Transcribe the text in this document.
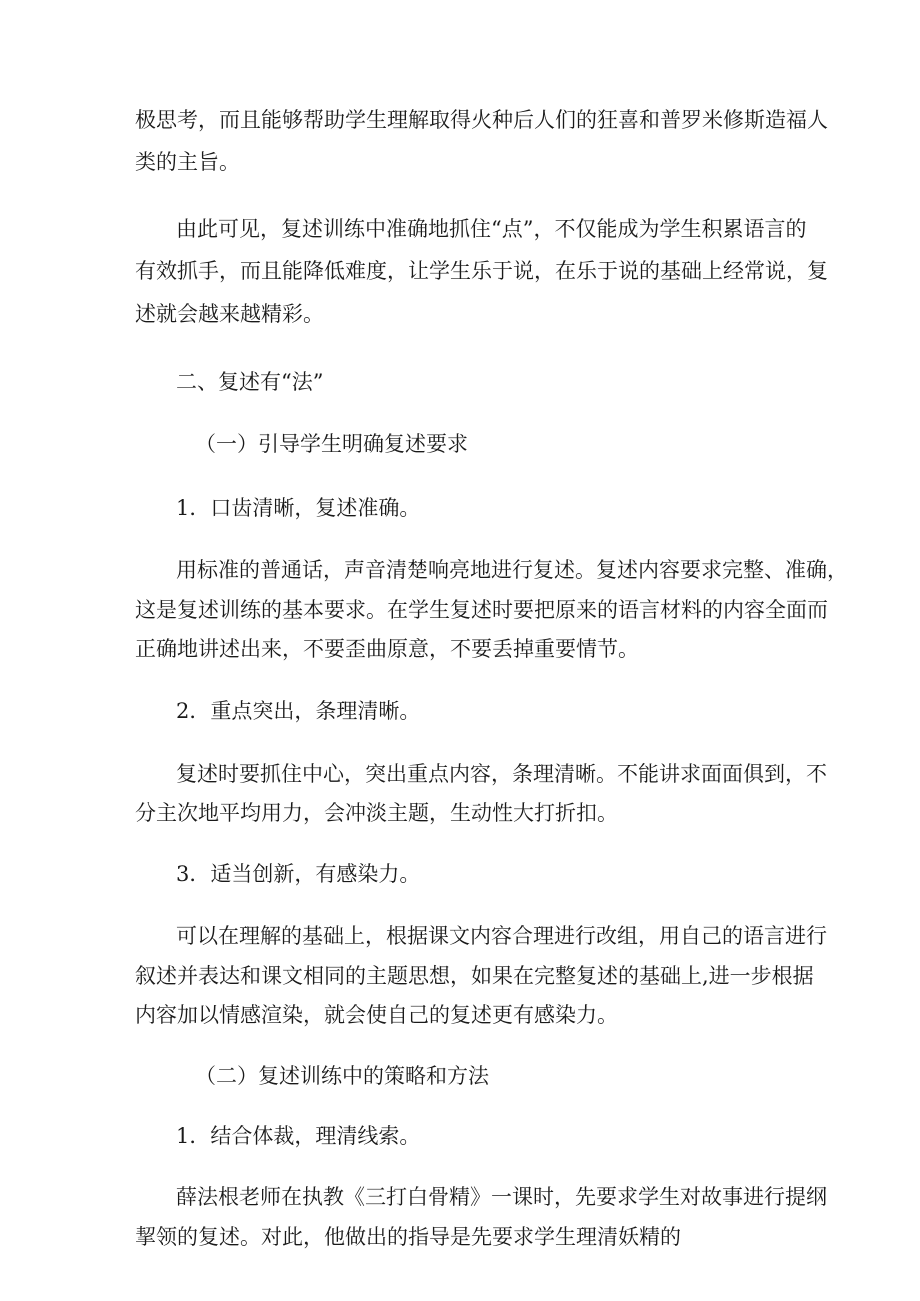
极思考，而且能够帮助学生理解取得火种后人们的狂喜和普罗米修斯造福人

类的主旨。

由此可见，复述训练中准确地抓住“点”，不仅能成为学生积累语言的

有效抓手，而且能降低难度，让学生乐于说，在乐于说的基础上经常说，复

述就会越来越精彩。

二、复述有“法”

（一）引导学生明确复述要求

1．口齿清晰，复述准确。

用标准的普通话，声音清楚响亮地进行复述。复述内容要求完整、准确，

这是复述训练的基本要求。在学生复述时要把原来的语言材料的内容全面而

正确地讲述出来，不要歪曲原意，不要丢掉重要情节。

2．重点突出，条理清晰。

复述时要抓住中心，突出重点内容，条理清晰。不能讲求面面俱到，不

分主次地平均用力，会冲淡主题，生动性大打折扣。

3．适当创新，有感染力。

可以在理解的基础上，根据课文内容合理进行改组，用自己的语言进行

叙述并表达和课文相同的主题思想，如果在完整复述的基础上,进一步根据

内容加以情感渲染，就会使自己的复述更有感染力。

（二）复述训练中的策略和方法

1．结合体裁，理清线索。

薛法根老师在执教《三打白骨精》一课时，先要求学生对故事进行提纲

挈领的复述。对此，他做出的指导是先要求学生理清妖精的
